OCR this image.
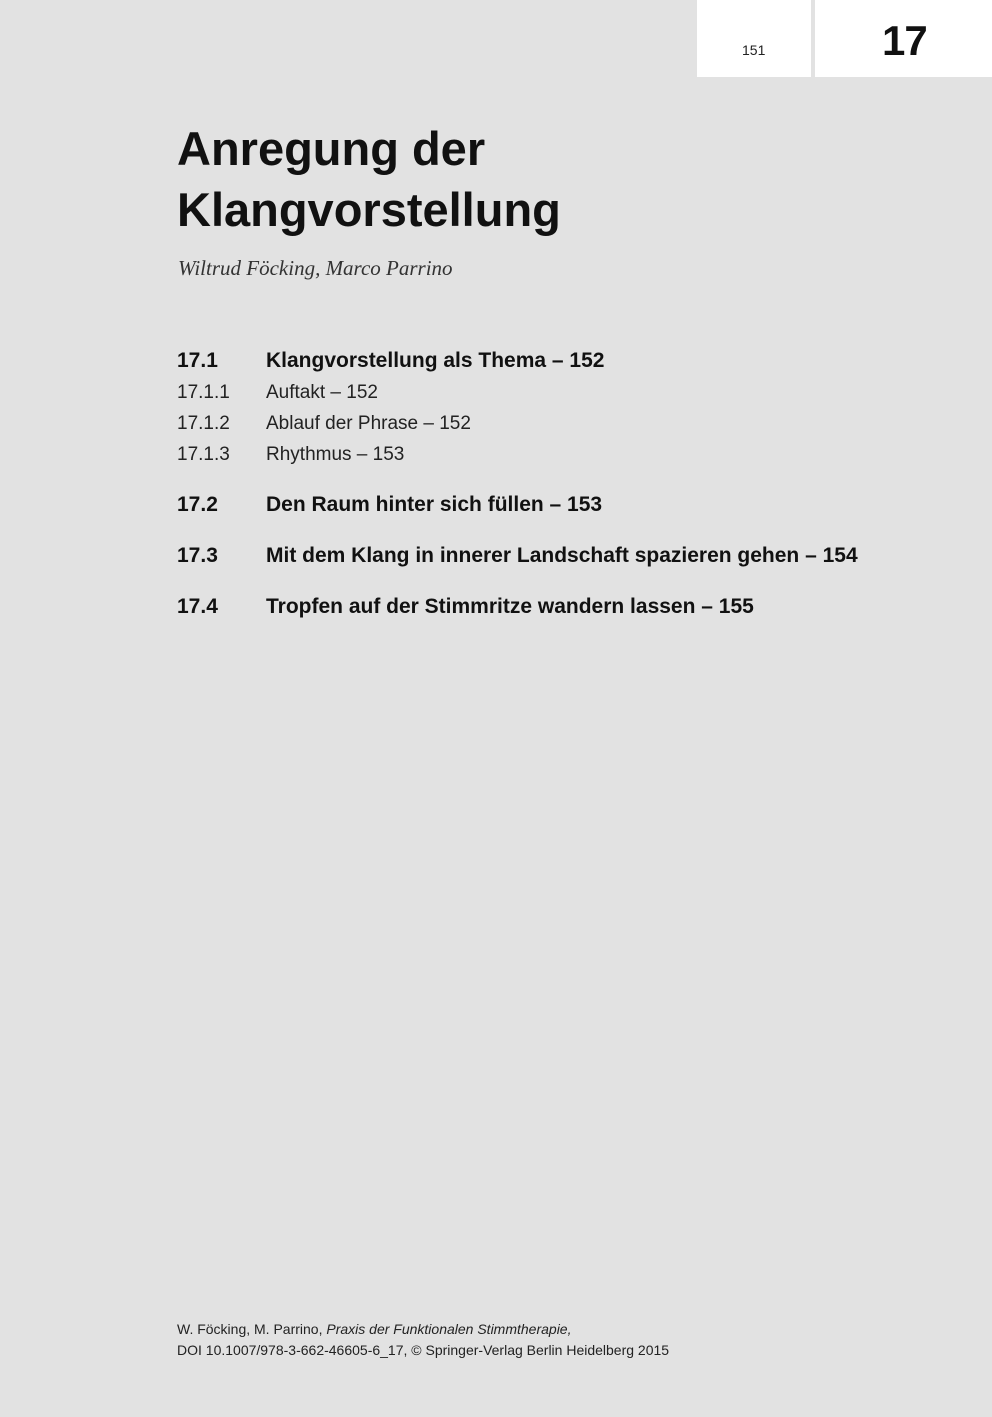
151	17
Anregung der
Klangvorstellung
Wiltrud Föcking, Marco Parrino
17.1 Klangvorstellung als Thema – 152
17.1.1 Auftakt – 152
17.1.2 Ablauf der Phrase – 152
17.1.3 Rhythmus – 153
17.2 Den Raum hinter sich füllen – 153
17.3 Mit dem Klang in innerer Landschaft spazieren gehen – 154
17.4 Tropfen auf der Stimmritze wandern lassen – 155
W. Föcking, M. Parrino, Praxis der Funktionalen Stimmtherapie,
DOI 10.1007/978-3-662-46605-6_17, © Springer-Verlag Berlin Heidelberg 2015
